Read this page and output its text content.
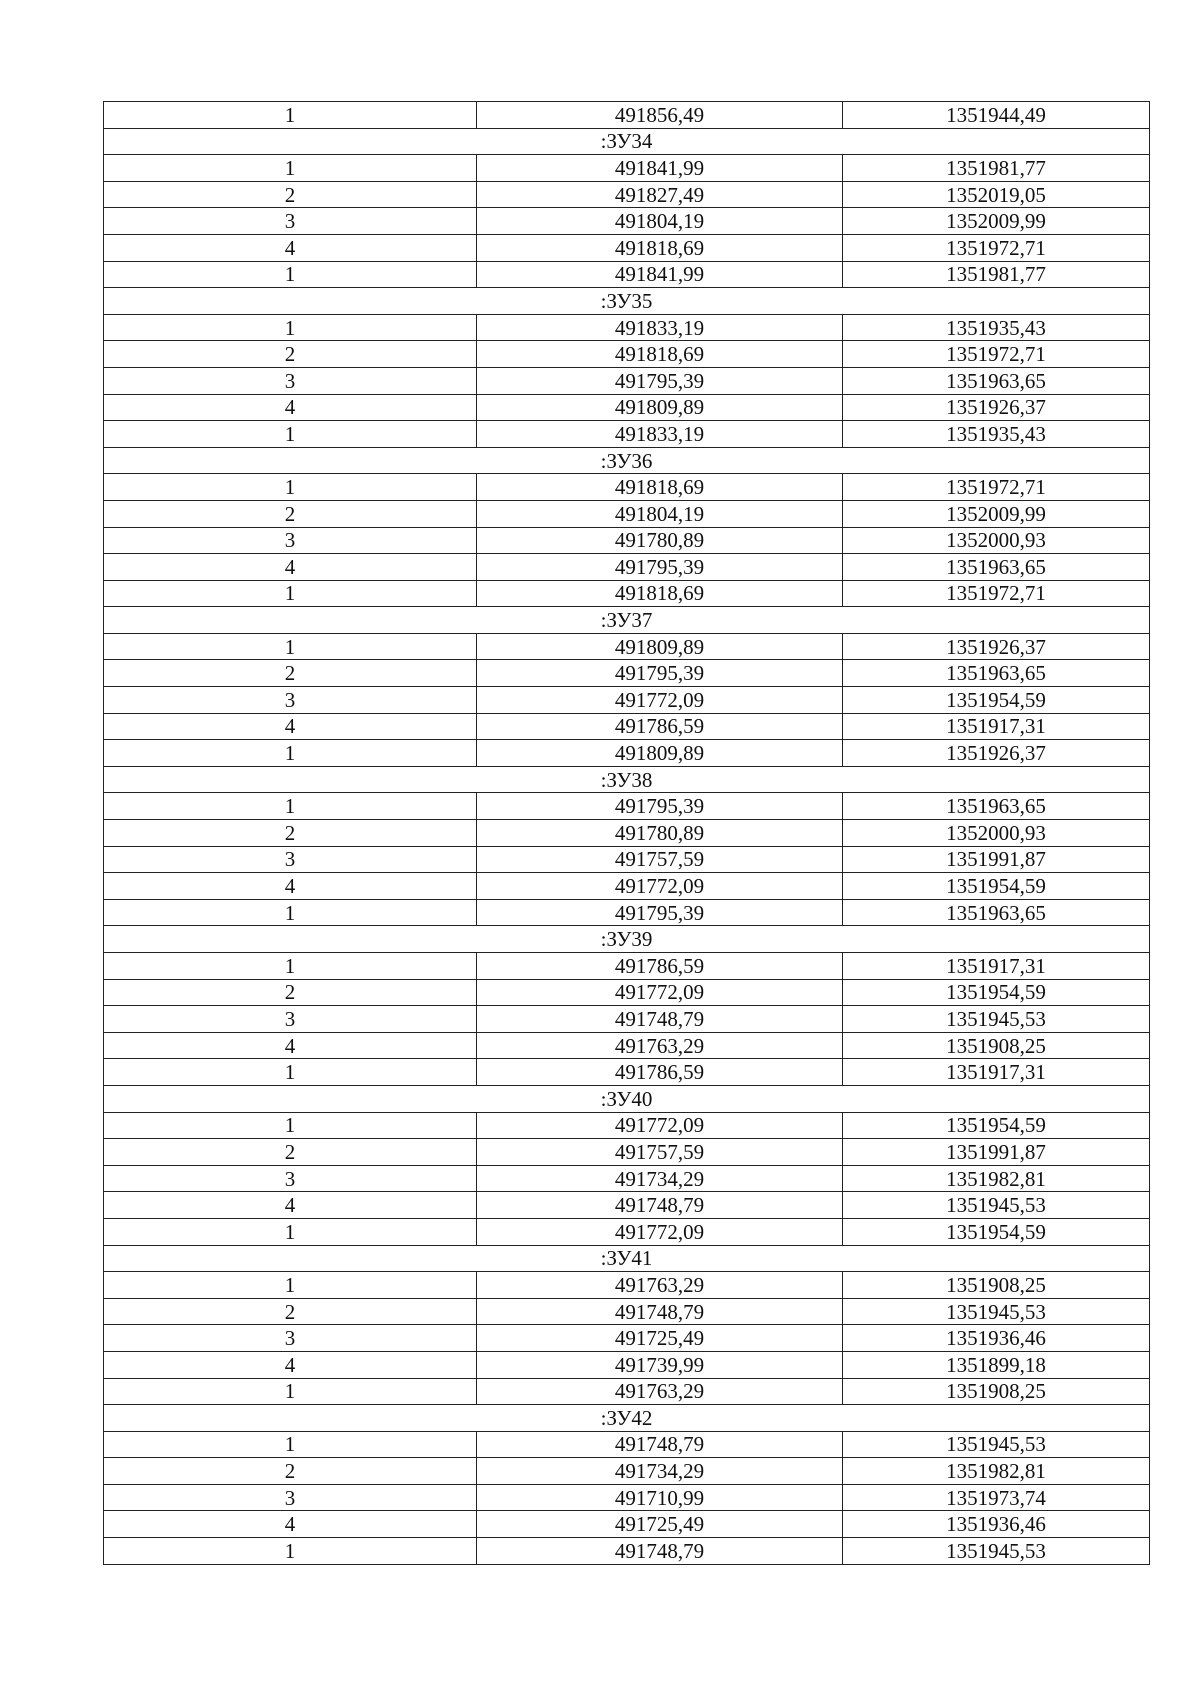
1	491856,49	1351944,49
:ЗУ34		
1	491841,99	1351981,77
2	491827,49	1352019,05
3	491804,19	1352009,99
4	491818,69	1351972,71
1	491841,99	1351981,77
:ЗУ35		
1	491833,19	1351935,43
2	491818,69	1351972,71
3	491795,39	1351963,65
4	491809,89	1351926,37
1	491833,19	1351935,43
:ЗУ36		
1	491818,69	1351972,71
2	491804,19	1352009,99
3	491780,89	1352000,93
4	491795,39	1351963,65
1	491818,69	1351972,71
:ЗУ37		
1	491809,89	1351926,37
2	491795,39	1351963,65
3	491772,09	1351954,59
4	491786,59	1351917,31
1	491809,89	1351926,37
:ЗУ38		
1	491795,39	1351963,65
2	491780,89	1352000,93
3	491757,59	1351991,87
4	491772,09	1351954,59
1	491795,39	1351963,65
:ЗУ39		
1	491786,59	1351917,31
2	491772,09	1351954,59
3	491748,79	1351945,53
4	491763,29	1351908,25
1	491786,59	1351917,31
:ЗУ40		
1	491772,09	1351954,59
2	491757,59	1351991,87
3	491734,29	1351982,81
4	491748,79	1351945,53
1	491772,09	1351954,59
:ЗУ41		
1	491763,29	1351908,25
2	491748,79	1351945,53
3	491725,49	1351936,46
4	491739,99	1351899,18
1	491763,29	1351908,25
:ЗУ42		
1	491748,79	1351945,53
2	491734,29	1351982,81
3	491710,99	1351973,74
4	491725,49	1351936,46
1	491748,79	1351945,53
